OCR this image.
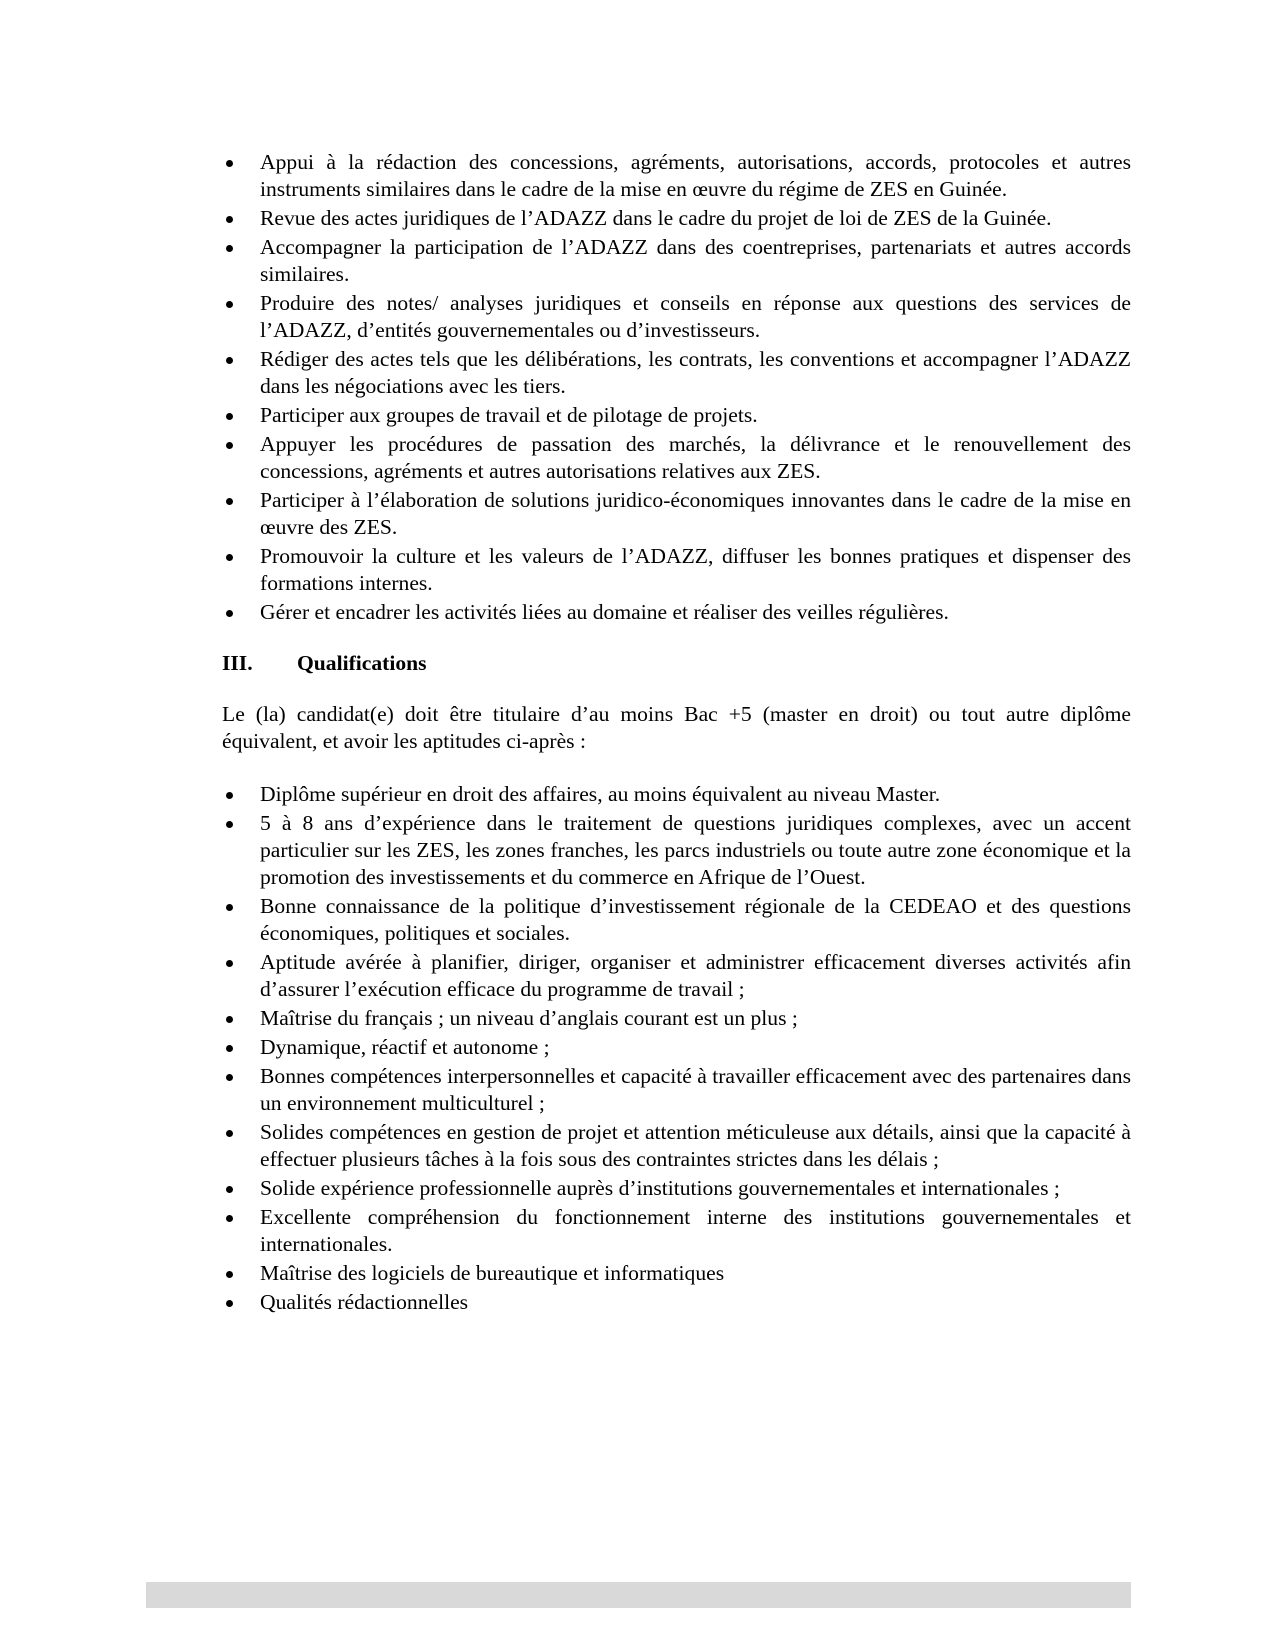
Appui à la rédaction des concessions, agréments, autorisations, accords, protocoles et autres instruments similaires dans le cadre de la mise en œuvre du régime de ZES en Guinée.
Revue des actes juridiques de l’ADAZZ dans le cadre du projet de loi de ZES de la Guinée.
Accompagner la participation de l’ADAZZ dans des coentreprises, partenariats et autres accords similaires.
Produire des notes/ analyses juridiques et conseils en réponse aux questions des services de l’ADAZZ, d’entités gouvernementales ou d’investisseurs.
Rédiger des actes tels que les délibérations, les contrats, les conventions et accompagner l’ADAZZ dans les négociations avec les tiers.
Participer aux groupes de travail et de pilotage de projets.
Appuyer les procédures de passation des marchés, la délivrance et le renouvellement des concessions, agréments et autres autorisations relatives aux ZES.
Participer à l’élaboration de solutions juridico-économiques innovantes dans le cadre de la mise en œuvre des ZES.
Promouvoir la culture et les valeurs de l’ADAZZ, diffuser les bonnes pratiques et dispenser des formations internes.
Gérer et encadrer les activités liées au domaine et réaliser des veilles régulières.
III.	Qualifications

Le (la) candidat(e) doit être titulaire d’au moins Bac +5 (master en droit) ou tout autre diplôme équivalent, et avoir les aptitudes ci-après :

Diplôme supérieur en droit des affaires, au moins équivalent au niveau Master.
5 à 8 ans d’expérience dans le traitement de questions juridiques complexes, avec un accent particulier sur les ZES, les zones franches, les parcs industriels ou toute autre zone économique et la promotion des investissements et du commerce en Afrique de l’Ouest.
Bonne connaissance de la politique d’investissement régionale de la CEDEAO et des questions économiques, politiques et sociales.
Aptitude avérée à planifier, diriger, organiser et administrer efficacement diverses activités afin d’assurer l’exécution efficace du programme de travail ;
Maîtrise du français ; un niveau d’anglais courant est un plus ;
Dynamique, réactif et autonome ;
Bonnes compétences interpersonnelles et capacité à travailler efficacement avec des partenaires dans un environnement multiculturel ;
Solides compétences en gestion de projet et attention méticuleuse aux détails, ainsi que la capacité à effectuer plusieurs tâches à la fois sous des contraintes strictes dans les délais ;
Solide expérience professionnelle auprès d’institutions gouvernementales et internationales ;
Excellente compréhension du fonctionnement interne des institutions gouvernementales et internationales.
Maîtrise des logiciels de bureautique et informatiques
Qualités rédactionnelles
